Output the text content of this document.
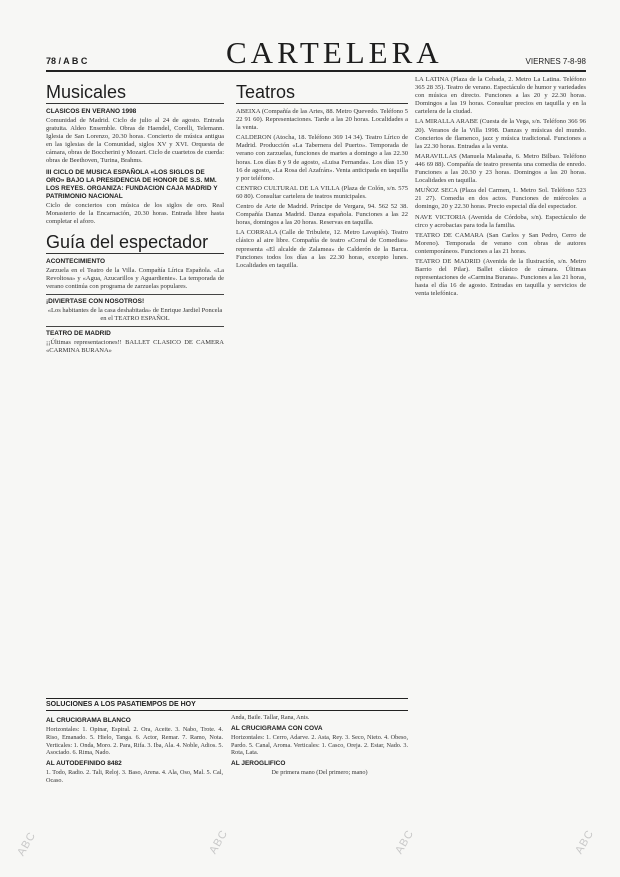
78 / A B C	CARTELERA	VIERNES 7-8-98
Musicales
CLASICOS EN VERANO 1998

Comunidad de Madrid. Ciclo de julio al 24 de agosto. Entrada gratuita. Aldeo Ensemble. Obras de Haendel, Corelli, Telemann. Iglesia de San Lorenzo, 20.30 horas. Concierto de música antigua en las iglesias de la Comunidad, siglos XV y XVI. Orquesta de cámara, obras de Boccherini y Mozart. Ciclo de cuartetos de cuerda: obras de Beethoven, Turina, Brahms.

III CICLO DE MUSICA ESPAÑOLA «LOS SIGLOS DE ORO» BAJO LA PRESIDENCIA DE HONOR DE S.S. MM. LOS REYES. ORGANIZA: FUNDACION CAJA MADRID Y PATRIMONIO NACIONAL

Ciclo de conciertos con música de los siglos de oro. Real Monasterio de la Encarnación, 20.30 horas. Entrada libre hasta completar el aforo.

Guía del espectador
ACONTECIMIENTO

Zarzuela en el Teatro de la Villa. Compañía Lírica Española. «La Revoltosa» y «Agua, Azucarillos y Aguardiente». La temporada de verano continúa con programa de zarzuelas populares.

¡DIVIERTASE CON NOSOTROS!

«Los habitantes de la casa deshabitada» de Enrique Jardiel Poncela en el TEATRO ESPAÑOL

TEATRO DE MADRID

¡¡Últimas representaciones!! BALLET CLASICO DE CAMERA «CARMINA BURANA»

Teatros

ABEIXA (Compañía de las Artes, 88. Metro Quevedo. Teléfono 5 22 91 60). Representaciones. Tarde a las 20 horas. Localidades a la venta.

CALDERON (Atocha, 18. Teléfono 369 14 34). Teatro Lírico de Madrid. Producción «La Tabernera del Puerto». Temporada de verano con zarzuelas, funciones de martes a domingo a las 22.30 horas. Los días 8 y 9 de agosto, «Luisa Fernanda». Los días 15 y 16 de agosto, «La Rosa del Azafrán». Venta anticipada en taquilla y por teléfono.

CENTRO CULTURAL DE LA VILLA (Plaza de Colón, s/n. 575 60 80). Consultar cartelera de teatros municipales.

Centro de Arte de Madrid. Príncipe de Vergara, 94. 562 52 38. Compañía Danza Madrid. Danza española. Funciones a las 22 horas, domingos a las 20 horas. Reservas en taquilla.

LA CORRALA (Calle de Tribulete, 12. Metro Lavapiés). Teatro clásico al aire libre. Compañía de teatro «Corral de Comedias» representa «El alcalde de Zalamea» de Calderón de la Barca. Funciones todos los días a las 22.30 horas, excepto lunes. Localidades en taquilla.

LA LATINA (Plaza de la Cebada, 2. Metro La Latina. Teléfono 365 28 35). Teatro de verano. Espectáculo de humor y variedades con música en directo. Funciones a las 20 y 22.30 horas. Domingos a las 19 horas. Consultar precios en taquilla y en la cartelera de la ciudad.

LA MIRALLA ARABE (Cuesta de la Vega, s/n. Teléfono 366 96 20). Veranos de la Villa 1998. Danzas y músicas del mundo. Conciertos de flamenco, jazz y música tradicional. Funciones a las 22.30 horas. Entradas a la venta.

MARAVILLAS (Manuela Malasaña, 6. Metro Bilbao. Teléfono 446 69 88). Compañía de teatro presenta una comedia de enredo. Funciones a las 20.30 y 23 horas. Domingos a las 20 horas. Localidades en taquilla.

MUÑOZ SECA (Plaza del Carmen, 1. Metro Sol. Teléfono 523 21 27). Comedia en dos actos. Funciones de miércoles a domingo, 20 y 22.30 horas. Precio especial día del espectador.

NAVE VICTORIA (Avenida de Córdoba, s/n). Espectáculo de circo y acrobacias para toda la familia.

TEATRO DE CAMARA (San Carlos y San Pedro, Cerro de Moreno). Temporada de verano con obras de autores contemporáneos. Funciones a las 21 horas.

TEATRO DE MADRID (Avenida de la Ilustración, s/n. Metro Barrio del Pilar). Ballet clásico de cámara. Últimas representaciones de «Carmina Burana». Funciones a las 21 horas, hasta el día 16 de agosto. Entradas en taquilla y servicios de venta telefónica.

SOLUCIONES A LOS PASATIEMPOS DE HOY
AL CRUCIGRAMA BLANCO

Horizontales: 1. Opinar, Espiral. 2. Ora, Aceite. 3. Nabo, Trote. 4. Riso, Emanado. 5. Hielo, Tanga. 6. Actor, Remar. 7. Ramo, Nota. Verticales: 1. Onda, Moro. 2. Para, Rifa. 3. Iba, Ala. 4. Noble, Adios. 5. Asociado. 6. Rima, Nado.

AL AUTODEFINIDO 8482

1. Todo, Radio. 2. Tali, Reloj. 3. Baso, Arena. 4. Ala, Oso, Mal. 5. Cal, Ocaso.

Anda, Baile. Tallar, Rana, Anis.

AL CRUCIGRAMA CON COVA

Horizontales: 1. Cerro, Adarve. 2. Asta, Rey. 3. Seco, Nieto. 4. Obeso, Pardo. 5. Canal, Aroma. Verticales: 1. Casco, Oreja. 2. Estar, Nado. 3. Rota, Lata.

AL JEROGLIFICO

De primera mano (Del primero; mano)

ABC	ABC	ABC	ABC
